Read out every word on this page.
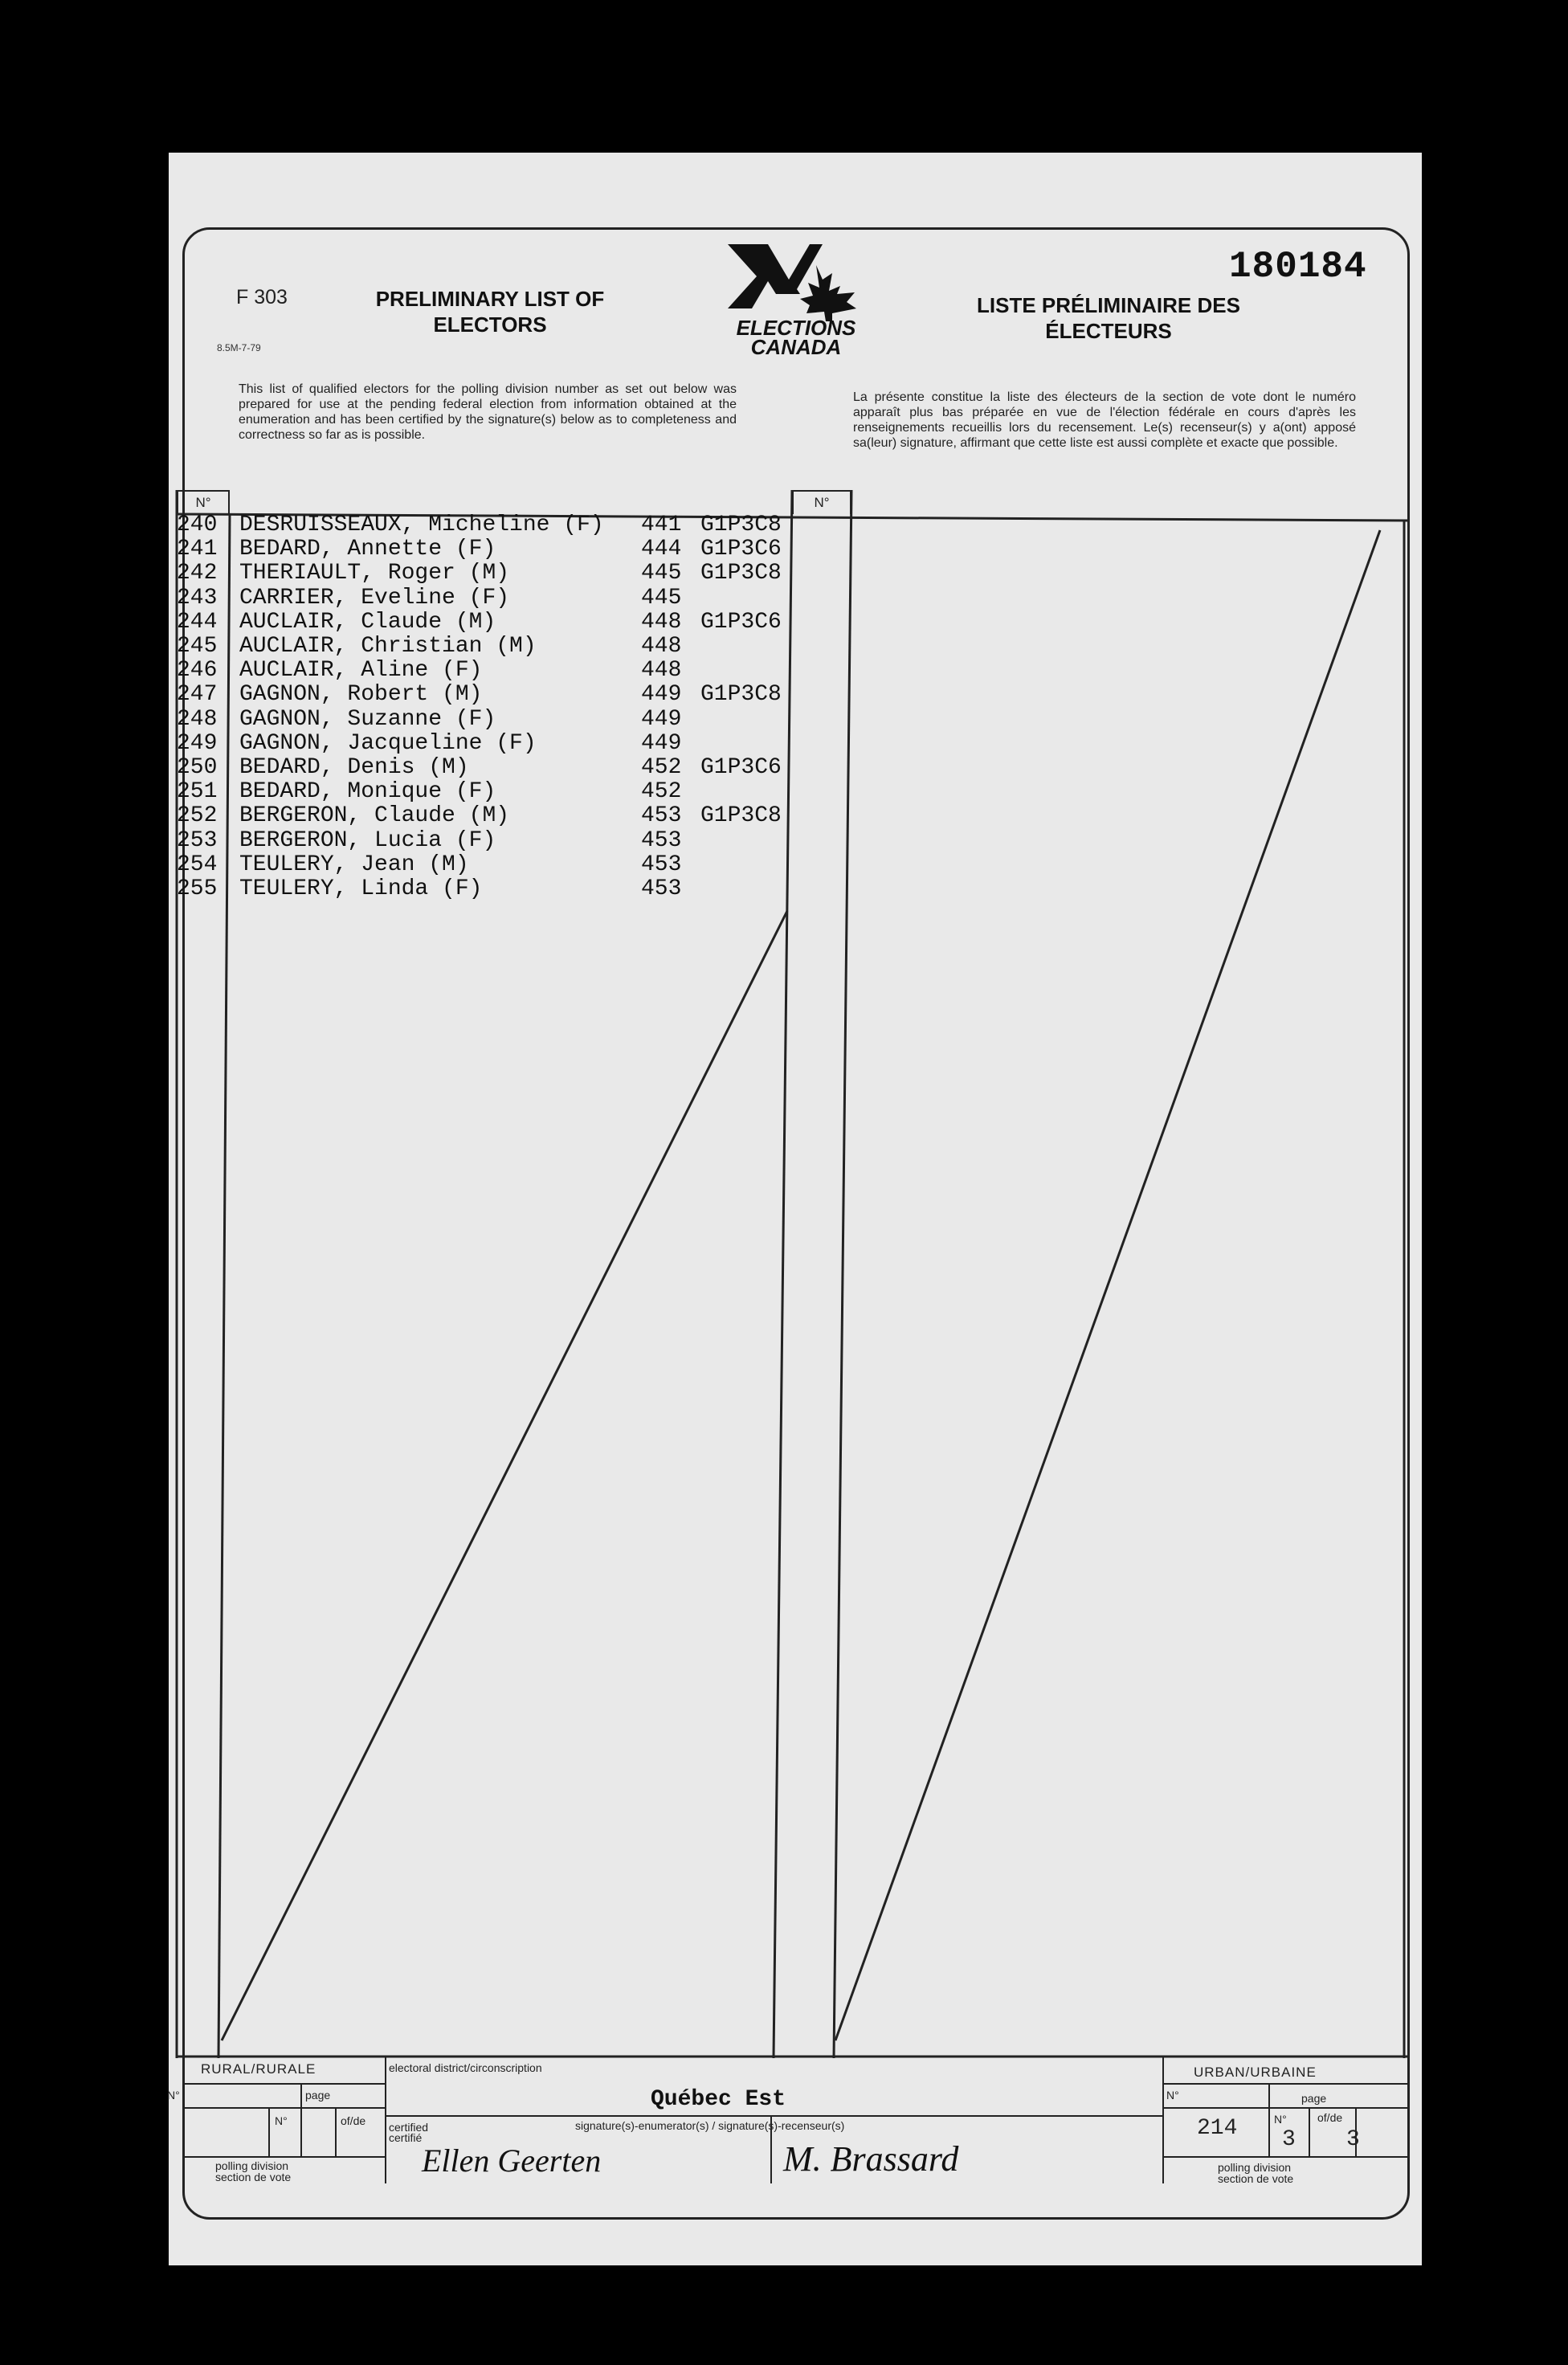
180184
F 303
8.5M-7-79
PRELIMINARY LIST OF ELECTORS
LISTE PRÉLIMINAIRE DES ÉLECTEURS
ELECTIONS
CANADA
This list of qualified electors for the polling division number as set out below was prepared for use at the pending federal election from information obtained at the enumeration and has been certified by the signature(s) below as to completeness and correctness so far as is possible.
La présente constitue la liste des électeurs de la section de vote dont le numéro apparaît plus bas préparée en vue de l'élection fédérale en cours d'après les renseignements recueillis lors du recensement. Le(s) recenseur(s) y a(ont) apposé sa(leur) signature, affirmant que cette liste est aussi complète et exacte que possible.
N°	N°
240 DESRUISSEAUX, Micheline (F) 441 G1P3C8
241 BEDARD, Annette (F)	444 G1P3C6
242 THERIAULT, Roger (M)	445 G1P3C8
243 CARRIER, Eveline (F)	445
244 AUCLAIR, Claude (M)	448 G1P3C6
245 AUCLAIR, Christian (M)	448
246 AUCLAIR, Aline (F)	448
247 GAGNON, Robert (M)	449 G1P3C8
248 GAGNON, Suzanne (F)	449
249 GAGNON, Jacqueline (F)	449
250 BEDARD, Denis (M)	452 G1P3C6
251 BEDARD, Monique (F)	452
252 BERGERON, Claude (M)	453 G1P3C8
253 BERGERON, Lucia (F)	453
254 TEULERY, Jean (M)	453
255 TEULERY, Linda (F)	453
RURAL/RURALE
N°	page
N°	of/de
polling division
section de vote
electoral district/circonscription
Québec Est
certified
certifié
signature(s)-enumerator(s) / signature(s)-recenseur(s)
Ellen Geerten	M. Brassard
URBAN/URBAINE
N°	page
N°	of/de
214 3 3
polling division
section de vote
